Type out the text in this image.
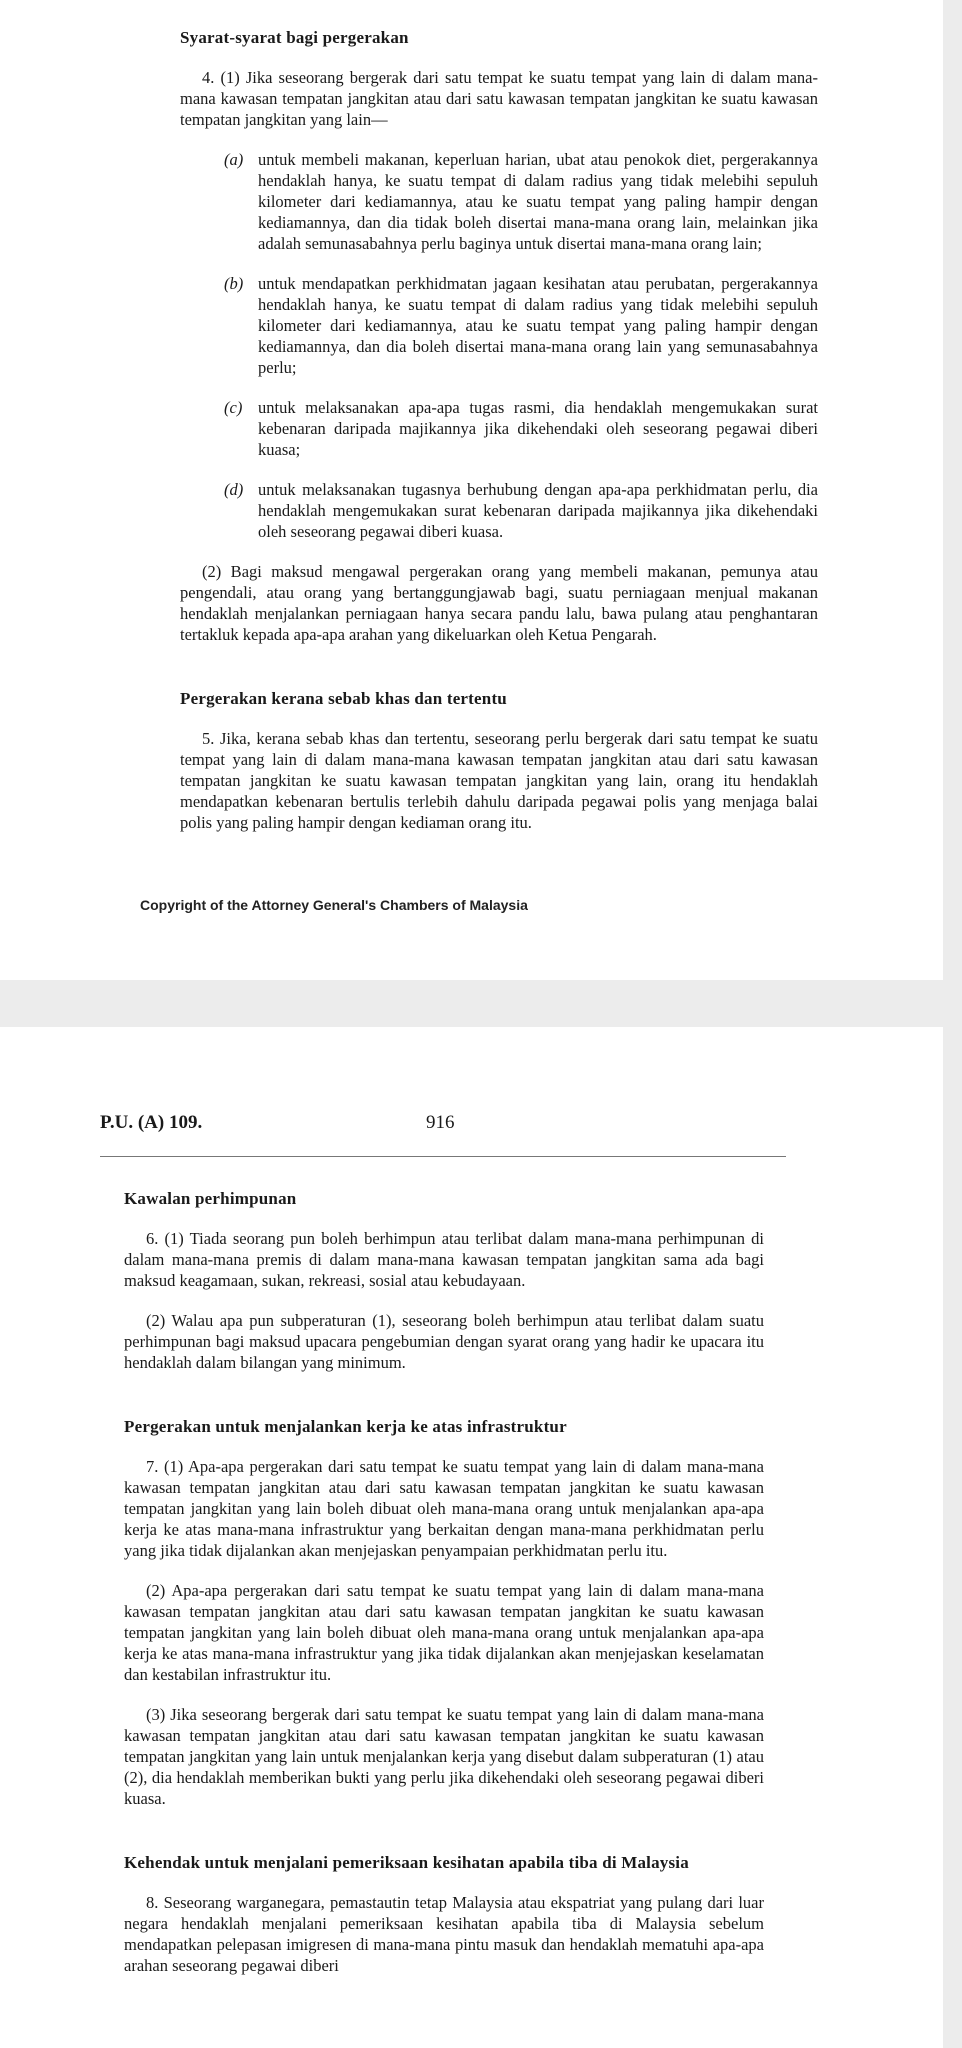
Syarat-syarat bagi pergerakan

4. (1) Jika seseorang bergerak dari satu tempat ke suatu tempat yang lain di dalam mana-mana kawasan tempatan jangkitan atau dari satu kawasan tempatan jangkitan ke suatu kawasan tempatan jangkitan yang lain—

(a) untuk membeli makanan, keperluan harian, ubat atau penokok diet, pergerakannya hendaklah hanya, ke suatu tempat di dalam radius yang tidak melebihi sepuluh kilometer dari kediamannya, atau ke suatu tempat yang paling hampir dengan kediamannya, dan dia tidak boleh disertai mana-mana orang lain, melainkan jika adalah semunasabahnya perlu baginya untuk disertai mana-mana orang lain;
(b) untuk mendapatkan perkhidmatan jagaan kesihatan atau perubatan, pergerakannya hendaklah hanya, ke suatu tempat di dalam radius yang tidak melebihi sepuluh kilometer dari kediamannya, atau ke suatu tempat yang paling hampir dengan kediamannya, dan dia boleh disertai mana-mana orang lain yang semunasabahnya perlu;
(c) untuk melaksanakan apa-apa tugas rasmi, dia hendaklah mengemukakan surat kebenaran daripada majikannya jika dikehendaki oleh seseorang pegawai diberi kuasa;
(d) untuk melaksanakan tugasnya berhubung dengan apa-apa perkhidmatan perlu, dia hendaklah mengemukakan surat kebenaran daripada majikannya jika dikehendaki oleh seseorang pegawai diberi kuasa.

(2) Bagi maksud mengawal pergerakan orang yang membeli makanan, pemunya atau pengendali, atau orang yang bertanggungjawab bagi, suatu perniagaan menjual makanan hendaklah menjalankan perniagaan hanya secara pandu lalu, bawa pulang atau penghantaran tertakluk kepada apa-apa arahan yang dikeluarkan oleh Ketua Pengarah.

Pergerakan kerana sebab khas dan tertentu

5. Jika, kerana sebab khas dan tertentu, seseorang perlu bergerak dari satu tempat ke suatu tempat yang lain di dalam mana-mana kawasan tempatan jangkitan atau dari satu kawasan tempatan jangkitan ke suatu kawasan tempatan jangkitan yang lain, orang itu hendaklah mendapatkan kebenaran bertulis terlebih dahulu daripada pegawai polis yang menjaga balai polis yang paling hampir dengan kediaman orang itu.

Copyright of the Attorney General's Chambers of Malaysia
P.U. (A) 109.	916
Kawalan perhimpunan

6. (1) Tiada seorang pun boleh berhimpun atau terlibat dalam mana-mana perhimpunan di dalam mana-mana premis di dalam mana-mana kawasan tempatan jangkitan sama ada bagi maksud keagamaan, sukan, rekreasi, sosial atau kebudayaan.

(2) Walau apa pun subperaturan (1), seseorang boleh berhimpun atau terlibat dalam suatu perhimpunan bagi maksud upacara pengebumian dengan syarat orang yang hadir ke upacara itu hendaklah dalam bilangan yang minimum.

Pergerakan untuk menjalankan kerja ke atas infrastruktur

7. (1) Apa-apa pergerakan dari satu tempat ke suatu tempat yang lain di dalam mana-mana kawasan tempatan jangkitan atau dari satu kawasan tempatan jangkitan ke suatu kawasan tempatan jangkitan yang lain boleh dibuat oleh mana-mana orang untuk menjalankan apa-apa kerja ke atas mana-mana infrastruktur yang berkaitan dengan mana-mana perkhidmatan perlu yang jika tidak dijalankan akan menjejaskan penyampaian perkhidmatan perlu itu.

(2) Apa-apa pergerakan dari satu tempat ke suatu tempat yang lain di dalam mana-mana kawasan tempatan jangkitan atau dari satu kawasan tempatan jangkitan ke suatu kawasan tempatan jangkitan yang lain boleh dibuat oleh mana-mana orang untuk menjalankan apa-apa kerja ke atas mana-mana infrastruktur yang jika tidak dijalankan akan menjejaskan keselamatan dan kestabilan infrastruktur itu.

(3) Jika seseorang bergerak dari satu tempat ke suatu tempat yang lain di dalam mana-mana kawasan tempatan jangkitan atau dari satu kawasan tempatan jangkitan ke suatu kawasan tempatan jangkitan yang lain untuk menjalankan kerja yang disebut dalam subperaturan (1) atau (2), dia hendaklah memberikan bukti yang perlu jika dikehendaki oleh seseorang pegawai diberi kuasa.

Kehendak untuk menjalani pemeriksaan kesihatan apabila tiba di Malaysia

8. Seseorang warganegara, pemastautin tetap Malaysia atau ekspatriat yang pulang dari luar negara hendaklah menjalani pemeriksaan kesihatan apabila tiba di Malaysia sebelum mendapatkan pelepasan imigresen di mana-mana pintu masuk dan hendaklah mematuhi apa-apa arahan seseorang pegawai diberi
